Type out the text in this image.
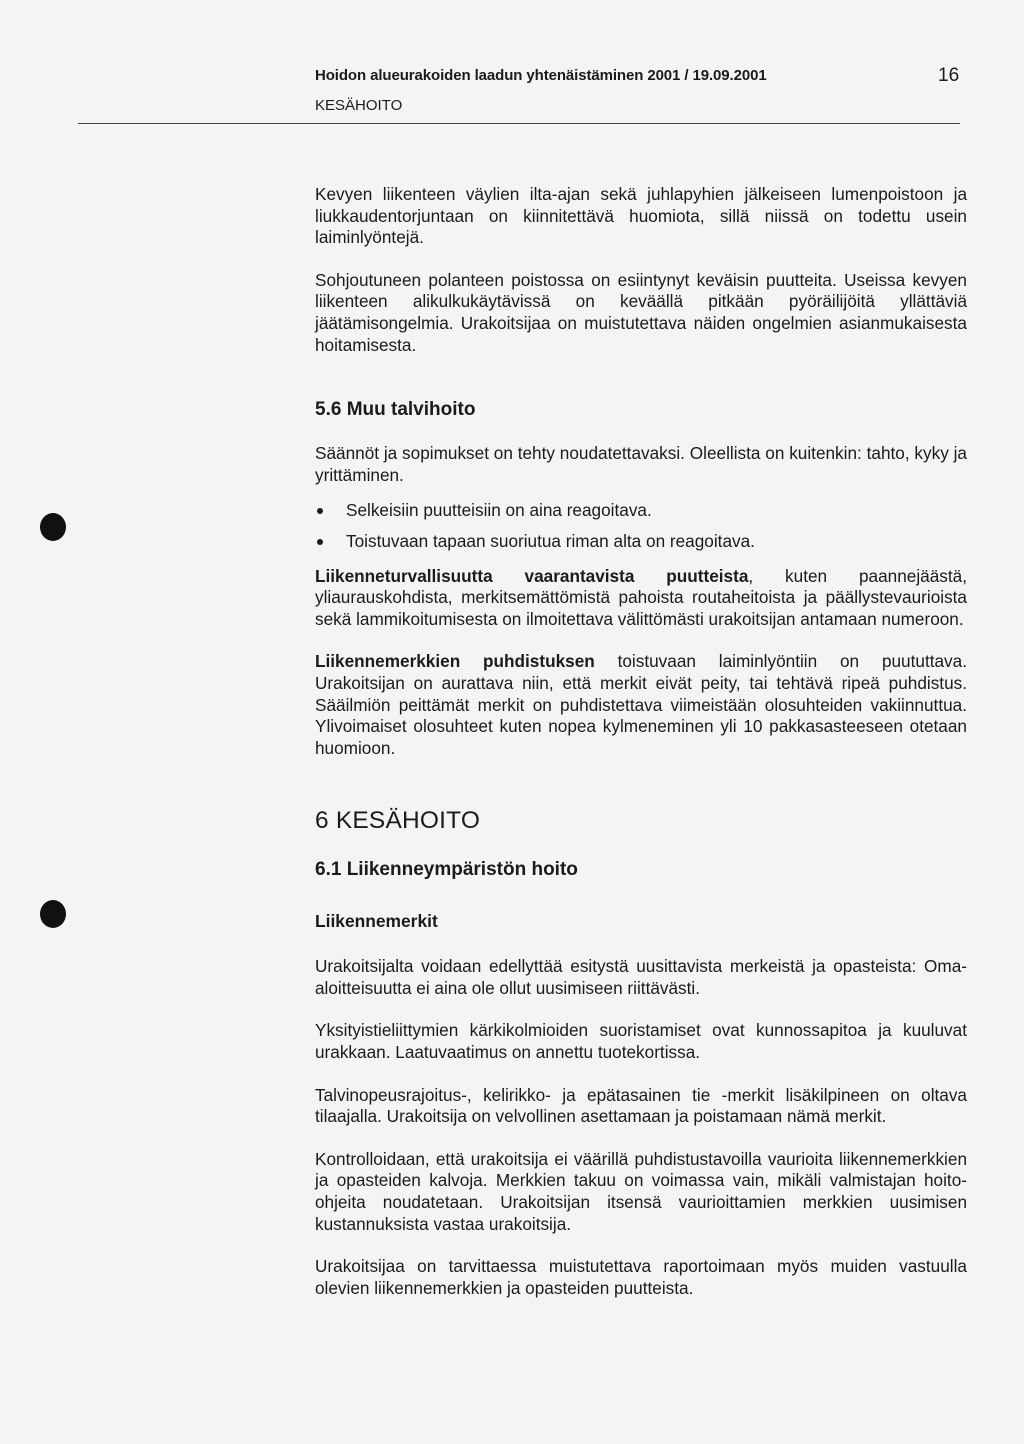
Hoidon alueurakoiden laadun yhtenäistäminen 2001 / 19.09.2001
KESÄHOITO
16

Kevyen liikenteen väylien ilta-ajan sekä juhlapyhien jälkeiseen lumenpoistoon ja liukkaudentorjuntaan on kiinnitettävä huomiota, sillä niissä on todettu usein laiminlyöntejä.

Sohjoutuneen polanteen poistossa on esiintynyt keväisin puutteita. Useissa kevyen liikenteen alikulkukäytävissä on keväällä pitkään pyöräilijöitä yllättäviä jäätämisongelmia. Urakoitsijaa on muistutettava näiden ongelmien asianmukaisesta hoitamisesta.

5.6 Muu talvihoito

Säännöt ja sopimukset on tehty noudatettavaksi. Oleellista on kuitenkin: tahto, kyky ja yrittäminen.

Selkeisiin puutteisiin on aina reagoitava.
Toistuvaan tapaan suoriutua riman alta on reagoitava.

Liikenneturvallisuutta vaarantavista puutteista, kuten paannejäästä, yliaurauskohdista, merkitsemättömistä pahoista routaheitoista ja päällystevaurioista sekä lammikoitumisesta on ilmoitettava välittömästi urakoitsijan antamaan numeroon.

Liikennemerkkien puhdistuksen toistuvaan laiminlyöntiin on puututtava. Urakoitsijan on aurattava niin, että merkit eivät peity, tai tehtävä ripeä puhdistus. Sääilmiön peittämät merkit on puhdistettava viimeistään olosuhteiden vakiinnuttua. Ylivoimaiset olosuhteet kuten nopea kylmeneminen yli 10 pakkasasteeseen otetaan huomioon.

6 KESÄHOITO
6.1 Liikenneympäristön hoito
Liikennemerkit

Urakoitsijalta voidaan edellyttää esitystä uusittavista merkeistä ja opasteista: Oma-aloitteisuutta ei aina ole ollut uusimiseen riittävästi.

Yksityistieliittymien kärkikolmioiden suoristamiset ovat kunnossapitoa ja kuuluvat urakkaan. Laatuvaatimus on annettu tuotekortissa.

Talvinopeusrajoitus-, kelirikko- ja epätasainen tie -merkit lisäkilpineen on oltava tilaajalla. Urakoitsija on velvollinen asettamaan ja poistamaan nämä merkit.

Kontrolloidaan, että urakoitsija ei väärillä puhdistustavoilla vaurioita liikennemerkkien ja opasteiden kalvoja. Merkkien takuu on voimassa vain, mikäli valmistajan hoito-ohjeita noudatetaan. Urakoitsijan itsensä vaurioittamien merkkien uusimisen kustannuksista vastaa urakoitsija.

Urakoitsijaa on tarvittaessa muistutettava raportoimaan myös muiden vastuulla olevien liikennemerkkien ja opasteiden puutteista.
